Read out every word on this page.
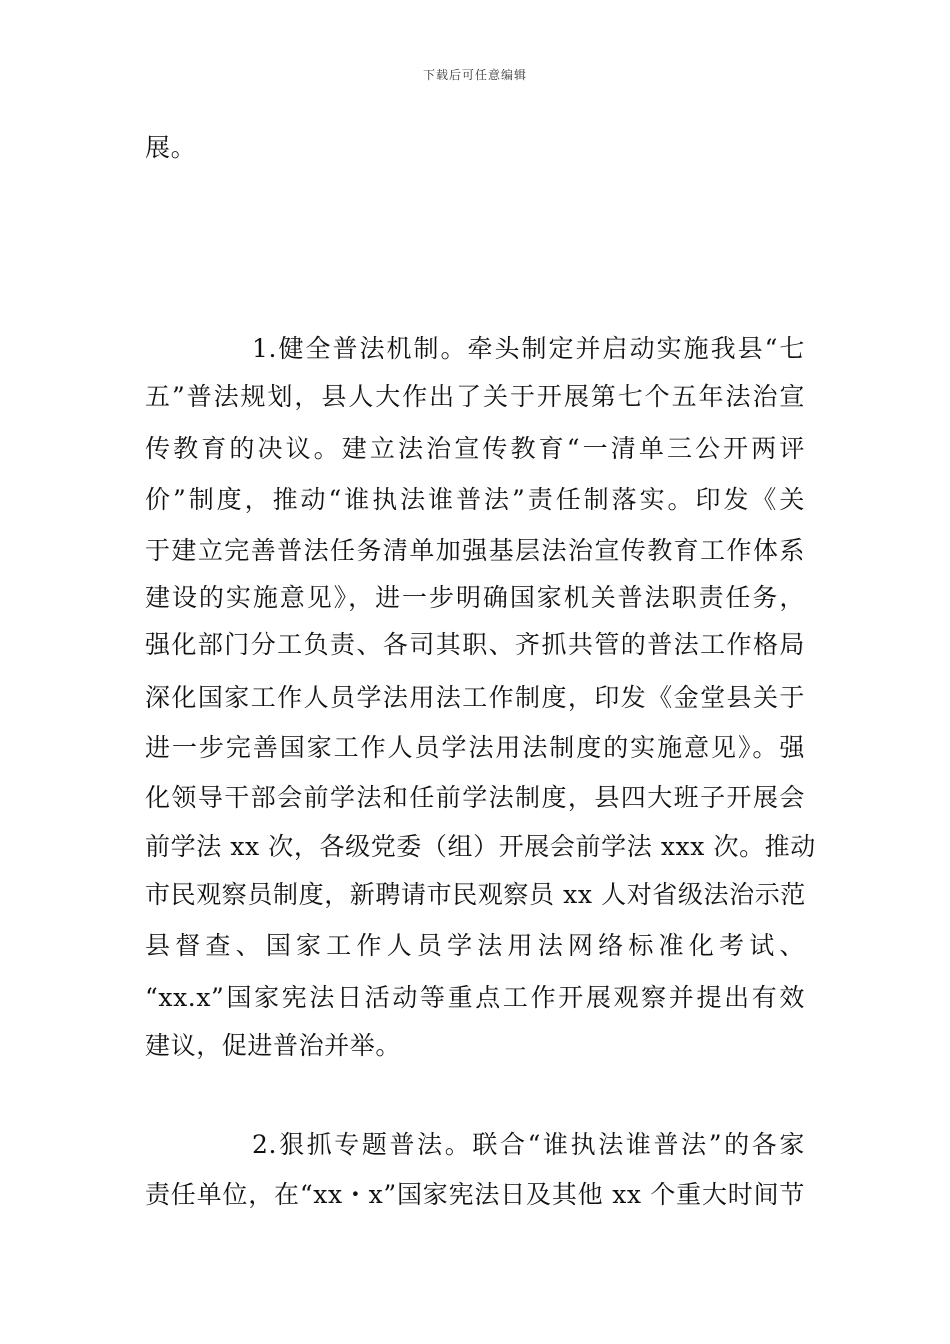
下载后可任意编辑
展。
1.健全普法机制。牵头制定并启动实施我县“七
五”普法规划，县人大作出了关于开展第七个五年法治宣
传教育的决议。建立法治宣传教育“一清单三公开两评
价”制度，推动“谁执法谁普法”责任制落实。印发《关
于建立完善普法任务清单加强基层法治宣传教育工作体系
建设的实施意见》，进一步明确国家机关普法职责任务，
强化部门分工负责、各司其职、齐抓共管的普法工作格局
深化国家工作人员学法用法工作制度，印发《金堂县关于
进一步完善国家工作人员学法用法制度的实施意见》。强
化领导干部会前学法和任前学法制度，县四大班子开展会
前学法 xx 次，各级党委（组）开展会前学法 xxx 次。推动
市民观察员制度，新聘请市民观察员 xx 人对省级法治示范
县督查、国家工作人员学法用法网络标准化考试、
“xx.x”国家宪法日活动等重点工作开展观察并提出有效
建议，促进普治并举。
2.狠抓专题普法。联合“谁执法谁普法”的各家
责任单位，在“xx・x”国家宪法日及其他 xx 个重大时间节
